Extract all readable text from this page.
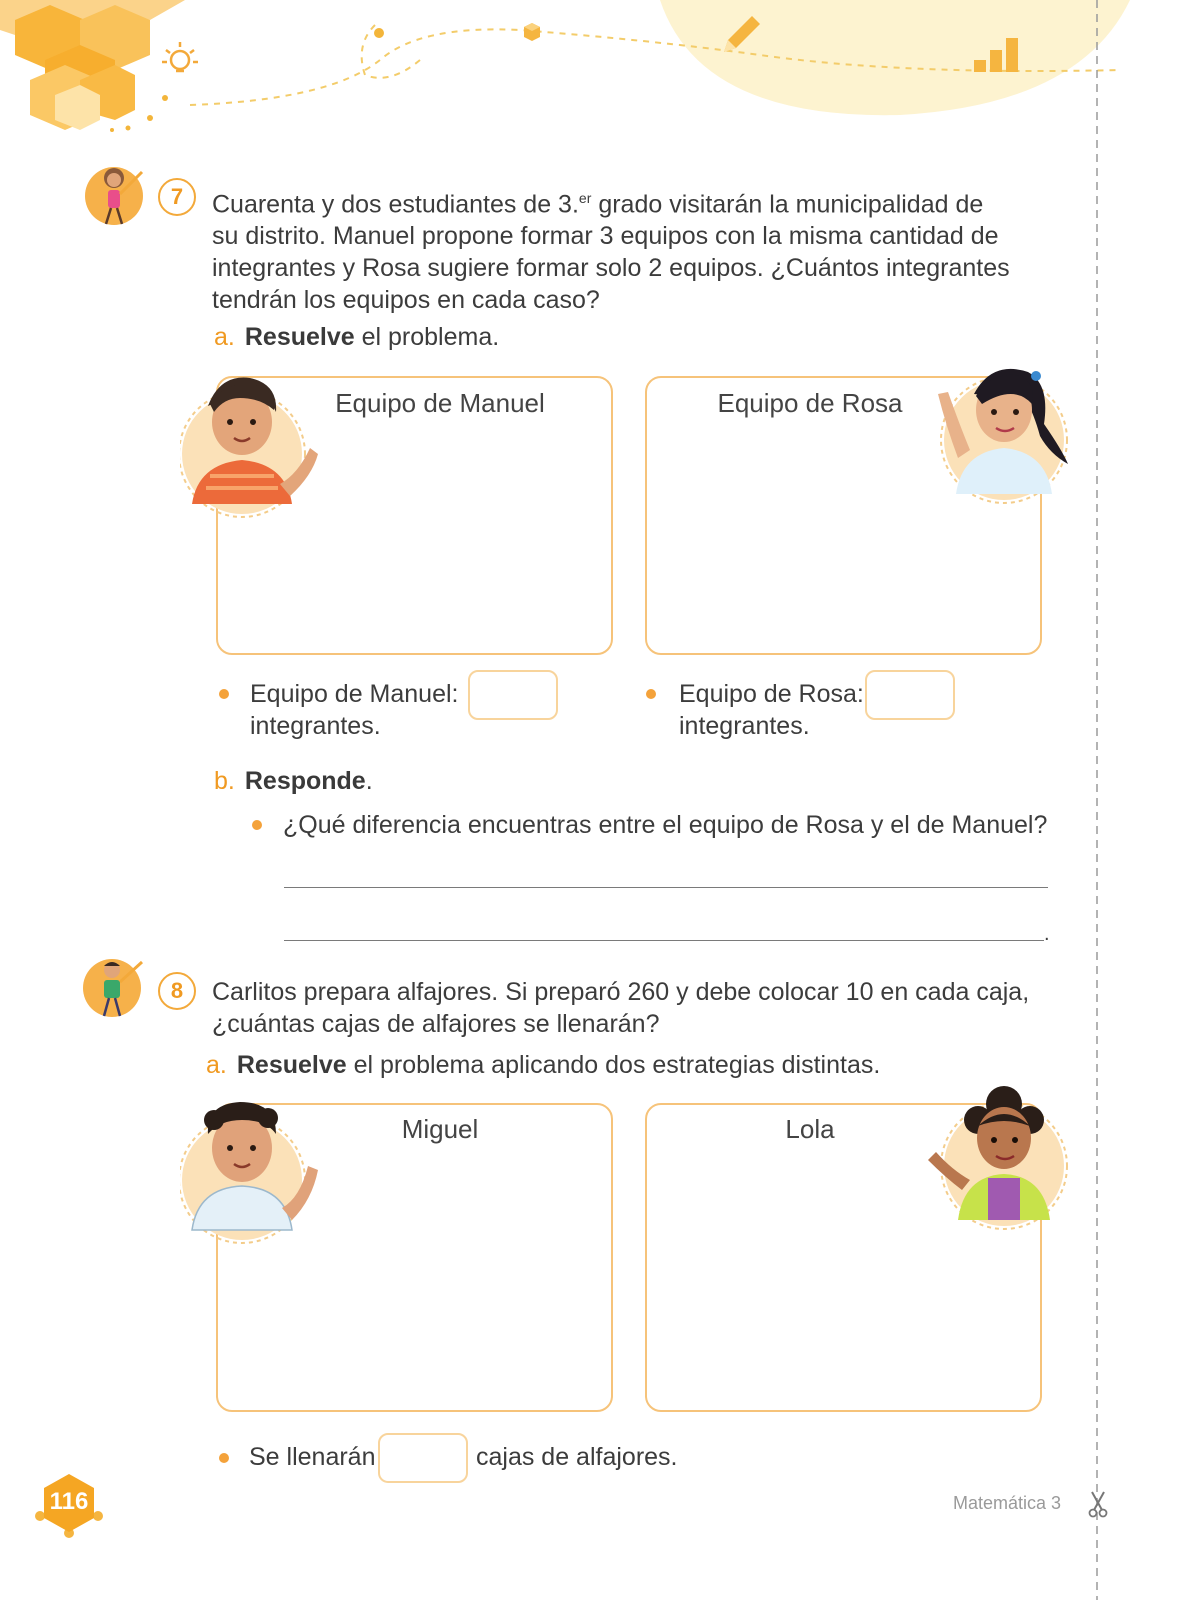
7	Cuarenta y dos estudiantes de 3.$^{er}$ grado visitarán la municipalidad de
su distrito. Manuel propone formar 3 equipos con la misma cantidad de
integrantes y Rosa sugiere formar solo 2 equipos. ¿Cuántos integrantes
tendrán los equipos en cada caso?
a. Resuelve el problema.
Equipo de Manuel	Equipo de Rosa
Equipo de Manuel:
integrantes.
Equipo de Rosa:
integrantes.
b. Responde.
¿Qué diferencia encuentras entre el equipo de Rosa y el de Manuel?
.
8	Carlitos prepara alfajores. Si preparó 260 y debe colocar 10 en cada caja,
¿cuántas cajas de alfajores se llenarán?
a. Resuelve el problema aplicando dos estrategias distintas.
Miguel	Lola
Se llenarán	cajas de alfajores.
116	Matemática 3
